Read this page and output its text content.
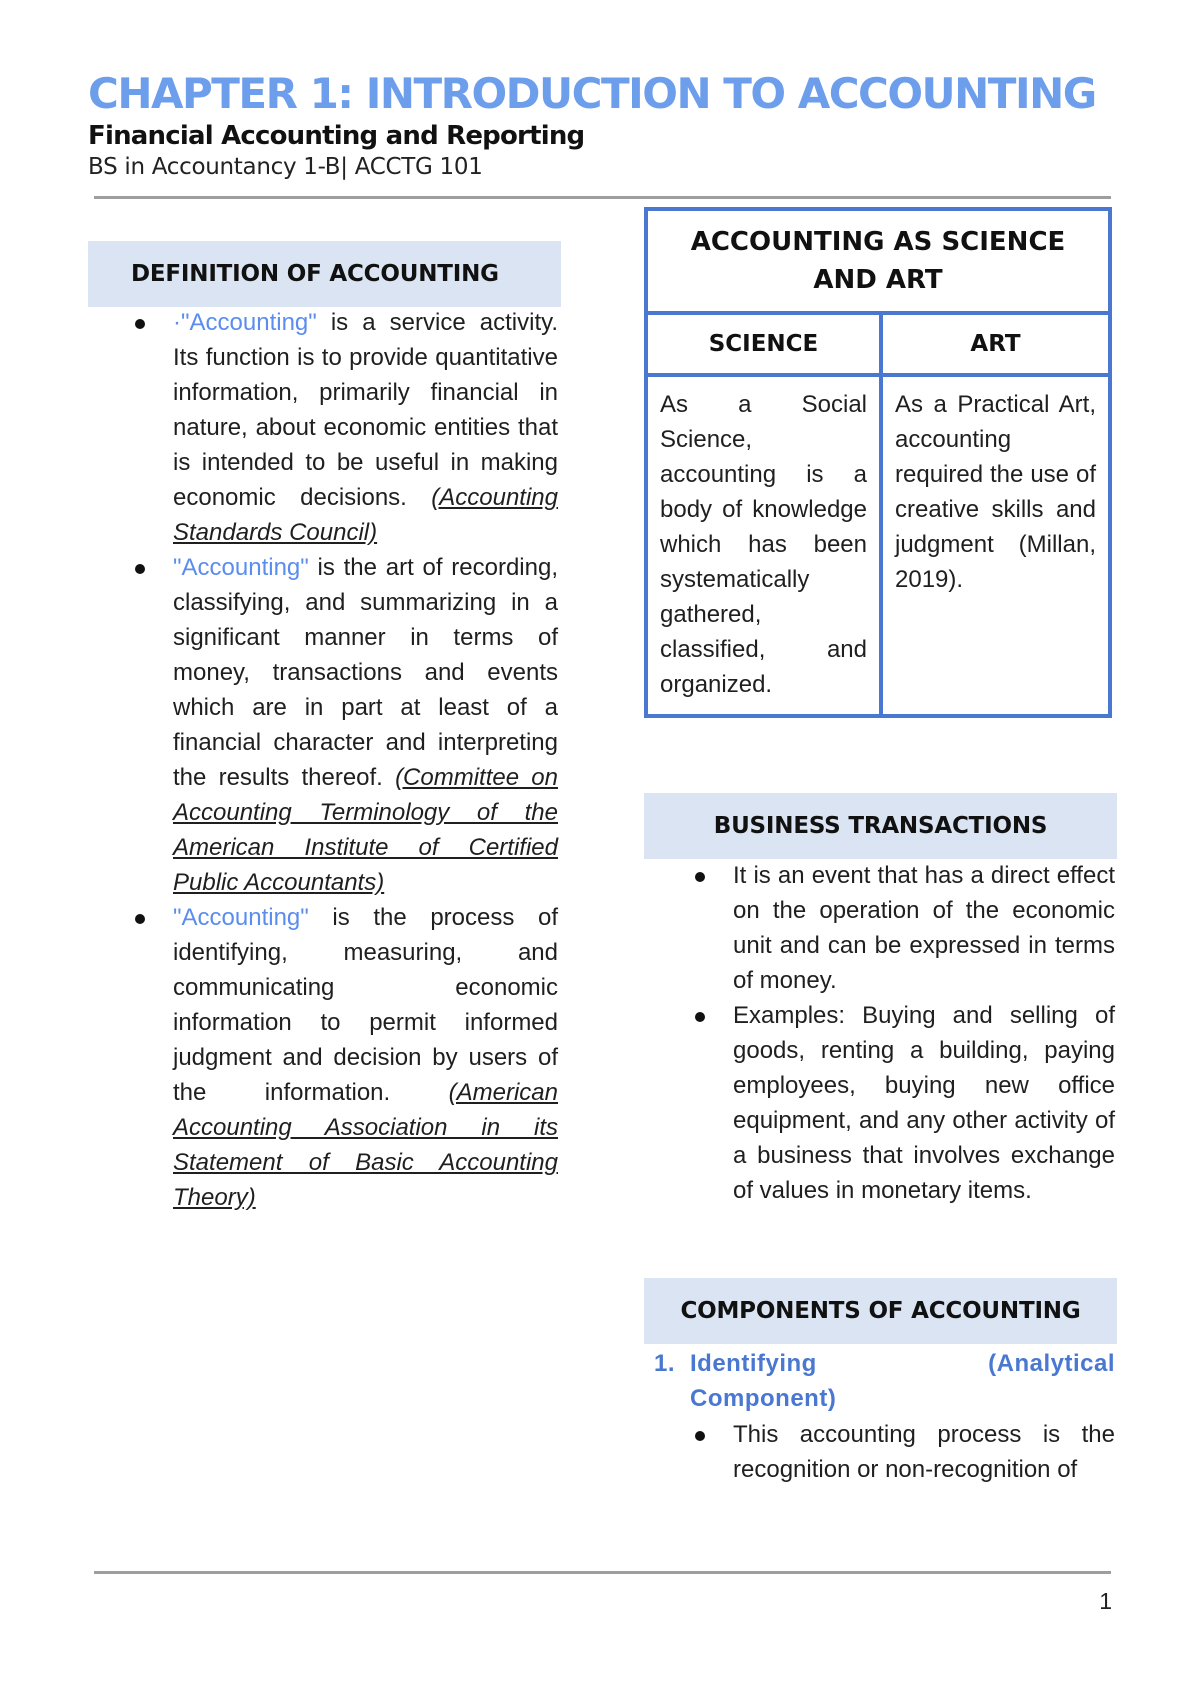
CHAPTER 1: INTRODUCTION TO ACCOUNTING
Financial Accounting and Reporting
BS in Accountancy 1-B| ACCTG 101
DEFINITION OF ACCOUNTING
·"Accounting" is a service activity. Its function is to provide quantitative information, primarily financial in nature, about economic entities that is intended to be useful in making economic decisions. (Accounting Standards Council)
"Accounting" is the art of recording, classifying, and summarizing in a significant manner in terms of money, transactions and events which are in part at least of a financial character and interpreting the results thereof. (Committee on Accounting Terminology of the American Institute of Certified Public Accountants)
"Accounting" is the process of identifying, measuring, and communicating economic information to permit informed judgment and decision by users of the information. (American Accounting Association in its Statement of Basic Accounting Theory)
ACCOUNTING AS SCIENCE AND ART
SCIENCE	ART
As a Social Science, accounting is a body of knowledge which has been systematically gathered, classified, and organized.
As a Practical Art, accounting required the use of creative skills and judgment (Millan, 2019).
BUSINESS TRANSACTIONS
It is an event that has a direct effect on the operation of the economic unit and can be expressed in terms of money.
Examples: Buying and selling of goods, renting a building, paying employees, buying new office equipment, and any other activity of a business that involves exchange of values in monetary items.
COMPONENTS OF ACCOUNTING
1. Identifying	(Analytical
Component)
This accounting process is the recognition or non-recognition of
1
